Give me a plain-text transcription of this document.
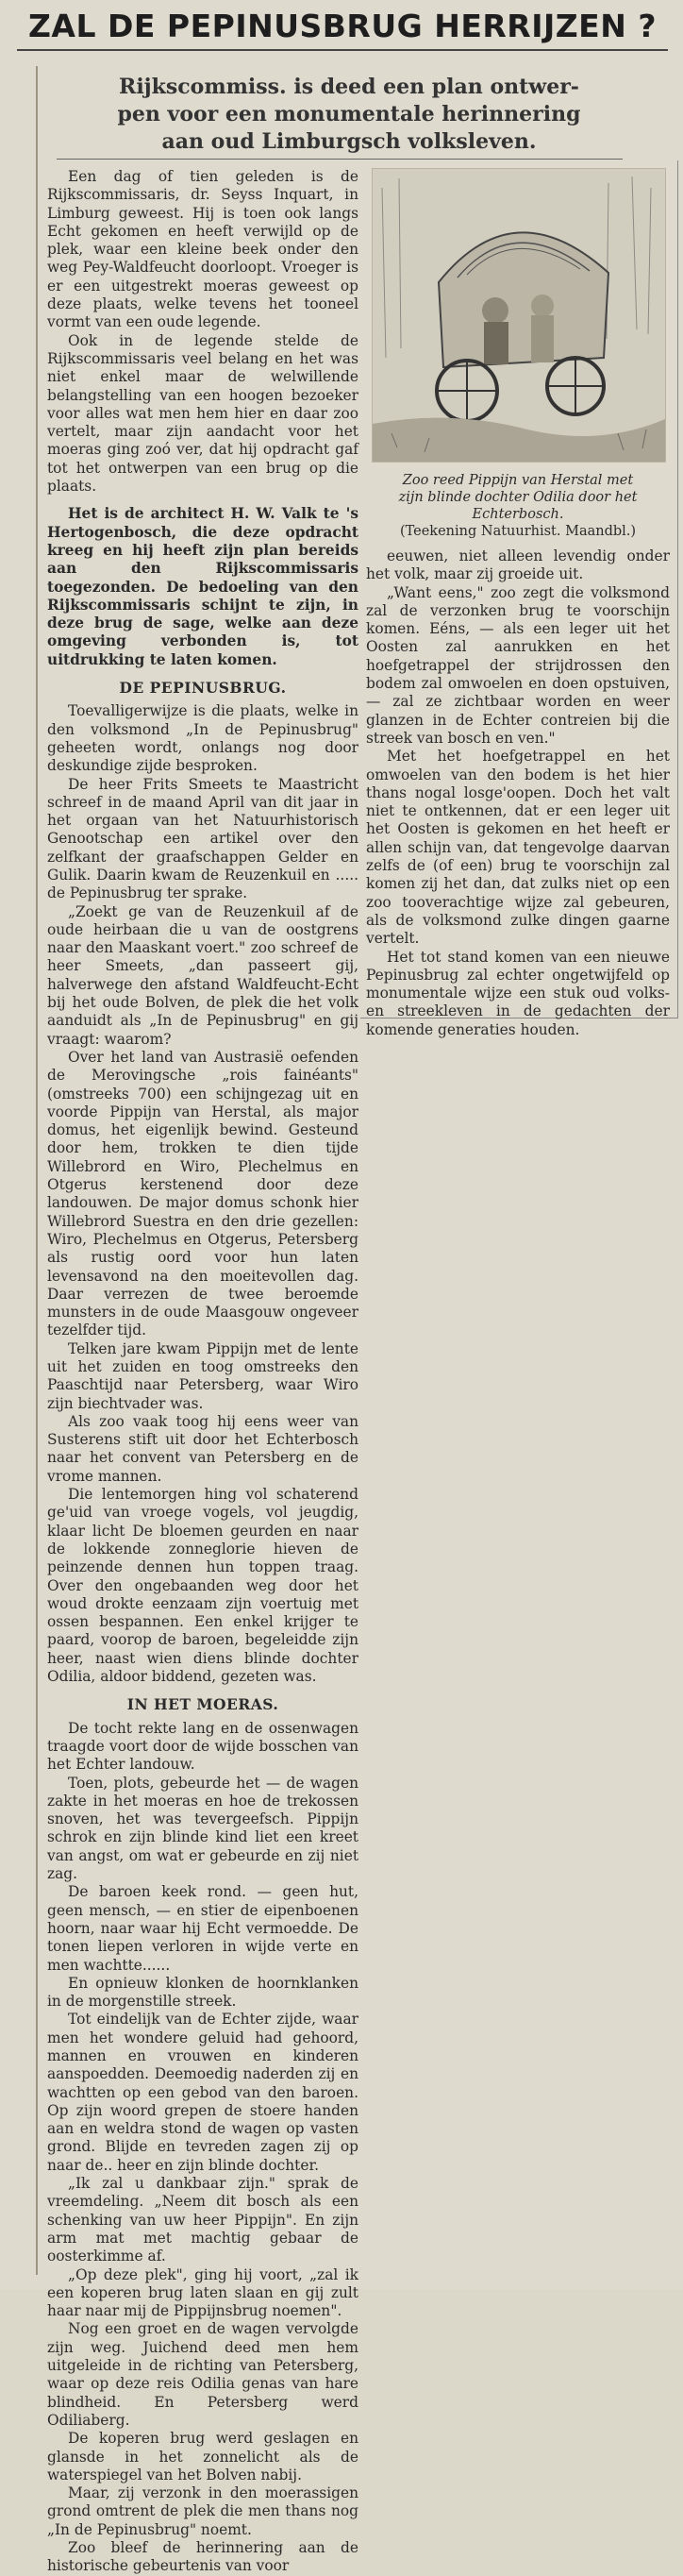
ZAL DE PEPINUSBRUG HERRIJZEN ?
Rijkscommiss. is deed een plan ontwer-
pen voor een monumentale herinnering
aan oud Limburgsch volksleven.

Een dag of tien geleden is de Rijkscommissaris, dr. Seyss Inquart, in Limburg geweest. Hij is toen ook langs Echt gekomen en heeft verwijld op de plek, waar een kleine beek onder den weg Pey-Waldfeucht doorloopt. Vroeger is er een uitgestrekt moeras geweest op deze plaats, welke tevens het tooneel vormt van een oude legende.

Ook in de legende stelde de Rijkscommissaris veel belang en het was niet enkel maar de welwillende belangstelling van een hoogen bezoeker voor alles wat men hem hier en daar zoo vertelt, maar zijn aandacht voor het moeras ging zoó ver, dat hij opdracht gaf tot het ontwerpen van een brug op die plaats.

Het is de architect H. W. Valk te 's Hertogenbosch, die deze opdracht kreeg en hij heeft zijn plan bereids aan den Rijkscommissaris toegezonden. De bedoeling van den Rijkscommissaris schijnt te zijn, in deze brug de sage, welke aan deze omgeving verbonden is, tot uitdrukking te laten komen.

DE PEPINUSBRUG.

Toevalligerwijze is die plaats, welke in den volksmond „In de Pepinusbrug" geheeten wordt, onlangs nog door deskundige zijde besproken.

De heer Frits Smeets te Maastricht schreef in de maand April van dit jaar in het orgaan van het Natuurhistorisch Genootschap een artikel over den zelfkant der graafschappen Gelder en Gulik. Daarin kwam de Reuzenkuil en ..... de Pepinusbrug ter sprake.

„Zoekt ge van de Reuzenkuil af de oude heirbaan die u van de oostgrens naar den Maaskant voert." zoo schreef de heer Smeets, „dan passeert gij, halverwege den afstand Waldfeucht-Echt bij het oude Bolven, de plek die het volk aanduidt als „In de Pepinusbrug" en gij vraagt: waarom?

Over het land van Austrasië oefenden de Merovingsche „rois fainéants" (omstreeks 700) een schijngezag uit en voorde Pippijn van Herstal, als major domus, het eigenlijk bewind. Gesteund door hem, trokken te dien tijde Willebrord en Wiro, Plechelmus en Otgerus kerstenend door deze landouwen. De major domus schonk hier Willebrord Suestra en den drie gezellen: Wiro, Plechelmus en Otgerus, Petersberg als rustig oord voor hun laten levensavond na den moeitevollen dag. Daar verrezen de twee beroemde munsters in de oude Maasgouw ongeveer tezelfder tijd.

Telken jare kwam Pippijn met de lente uit het zuiden en toog omstreeks den Paaschtijd naar Petersberg, waar Wiro zijn biechtvader was.

Als zoo vaak toog hij eens weer van Susterens stift uit door het Echterbosch naar het convent van Petersberg en de vrome mannen.

Die lentemorgen hing vol schaterend ge'uid van vroege vogels, vol jeugdig, klaar licht De bloemen geurden en naar de lokkende zonneglorie hieven de peinzende dennen hun toppen traag. Over den ongebaanden weg door het woud drokte eenzaam zijn voertuig met ossen bespannen. Een enkel krijger te paard, voorop de baroen, begeleidde zijn heer, naast wien diens blinde dochter Odilia, aldoor biddend, gezeten was.

IN HET MOERAS.

De tocht rekte lang en de ossenwagen traagde voort door de wijde bosschen van het Echter landouw.

Toen, plots, gebeurde het — de wagen zakte in het moeras en hoe de trekossen snoven, het was tevergeefsch. Pippijn schrok en zijn blinde kind liet een kreet van angst, om wat er gebeurde en zij niet zag.

De baroen keek rond. — geen hut, geen mensch, — en stier de eipenboenen hoorn, naar waar hij Echt vermoedde. De tonen liepen verloren in wijde verte en men wachtte......

En opnieuw klonken de hoornklanken in de morgenstille streek.

Tot eindelijk van de Echter zijde, waar men het wondere geluid had gehoord, mannen en vrouwen en kinderen aanspoedden. Deemoedig naderden zij en wachtten op een gebod van den baroen. Op zijn woord grepen de stoere handen aan en weldra stond de wagen op vasten grond. Blijde en tevreden zagen zij op naar de.. heer en zijn blinde dochter.

„Ik zal u dankbaar zijn." sprak de vreemdeling. „Neem dit bosch als een schenking van uw heer Pippijn". En zijn arm mat met machtig gebaar de oosterkimme af.

„Op deze plek", ging hij voort, „zal ik een koperen brug laten slaan en gij zult haar naar mij de Pippijnsbrug noemen".

Nog een groet en de wagen vervolgde zijn weg. Juichend deed men hem uitgeleide in de richting van Petersberg, waar op deze reis Odilia genas van hare blindheid. En Petersberg werd Odiliaberg.

De koperen brug werd geslagen en glansde in het zonnelicht als de waterspiegel van het Bolven nabij.

Maar, zij verzonk in den moerassigen grond omtrent de plek die men thans nog „In de Pepinusbrug" noemt.

Zoo bleef de herinnering aan de historische gebeurtenis van voor

Zoo reed Pippijn van Herstal met
zijn blinde dochter Odilia door het
Echterbosch.
(Teekening Natuurhist. Maandbl.)

eeuwen, niet alleen levendig onder het volk, maar zij groeide uit.

„Want eens," zoo zegt die volksmond zal de verzonken brug te voorschijn komen. Eéns, — als een leger uit het Oosten zal aanrukken en het hoefgetrappel der strijdrossen den bodem zal omwoelen en doen opstuiven, — zal ze zichtbaar worden en weer glanzen in de Echter contreien bij die streek van bosch en ven."

Met het hoefgetrappel en het omwoelen van den bodem is het hier thans nogal losge'oopen. Doch het valt niet te ontkennen, dat er een leger uit het Oosten is gekomen en het heeft er allen schijn van, dat tengevolge daarvan zelfs de (of een) brug te voorschijn zal komen zij het dan, dat zulks niet op een zoo tooverachtige wijze zal gebeuren, als de volksmond zulke dingen gaarne vertelt.

Het tot stand komen van een nieuwe Pepinusbrug zal echter ongetwijfeld op monumentale wijze een stuk oud volks- en streekleven in de gedachten der komende generaties houden.
